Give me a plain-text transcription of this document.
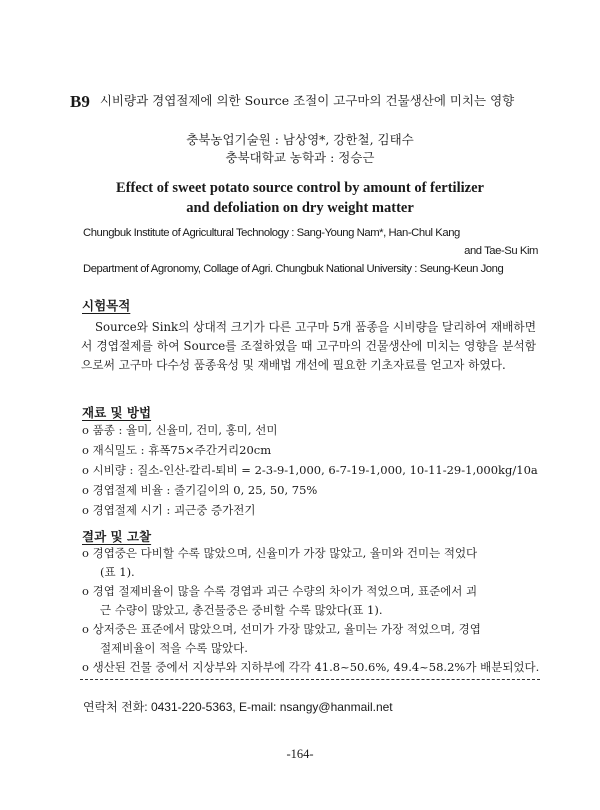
B9 시비량과 경엽절제에 의한 Source 조절이 고구마의 건물생산에 미치는 영향
충북농업기술원 : 남상영*, 강한철, 김태수
충북대학교 농학과 : 정승근
Effect of sweet potato source control by amount of fertilizer
and defoliation on dry weight matter
Chungbuk Institute of Agricultural Technology : Sang-Young Nam*, Han-Chul Kang
and Tae-Su Kim
Department of Agronomy, Collage of Agri. Chungbuk National University : Seung-Keun Jong
시험목적

Source와 Sink의 상대적 크기가 다른 고구마 5개 품종을 시비량을 달리하여 재배하면서 경엽절제를 하여 Source를 조절하였을 때 고구마의 건물생산에 미치는 영향을 분석함으로써 고구마 다수성 품종육성 및 재배법 개선에 필요한 기초자료를 얻고자 하였다.

재료 및 방법
o 품종 : 율미, 신율미, 건미, 홍미, 선미
o 재식밀도 : 휴폭75×주간거리20cm
o 시비량 : 질소-인산-칼리-퇴비 = 2-3-9-1,000, 6-7-19-1,000, 10-11-29-1,000kg/10a
o 경엽절제 비율 : 줄기길이의 0, 25, 50, 75%
o 경엽절제 시기 : 괴근중 증가전기
결과 및 고찰
o 경엽중은 다비할 수록 많았으며, 신율미가 가장 많았고, 율미와 건미는 적었다
(표 1).
o 경엽 절제비율이 많을 수록 경엽과 괴근 수량의 차이가 적었으며, 표준에서 괴
근 수량이 많았고, 총건물중은 중비할 수록 많았다(표 1).
o 상저중은 표준에서 많았으며, 선미가 가장 많았고, 율미는 가장 적었으며, 경엽
절제비율이 적을 수록 많았다.
o 생산된 건물 중에서 지상부와 지하부에 각각 41.8~50.6%, 49.4~58.2%가 배분되었다.
연락처 전화: 0431-220-5363, E-mail: nsangy@hanmail.net
-164-
